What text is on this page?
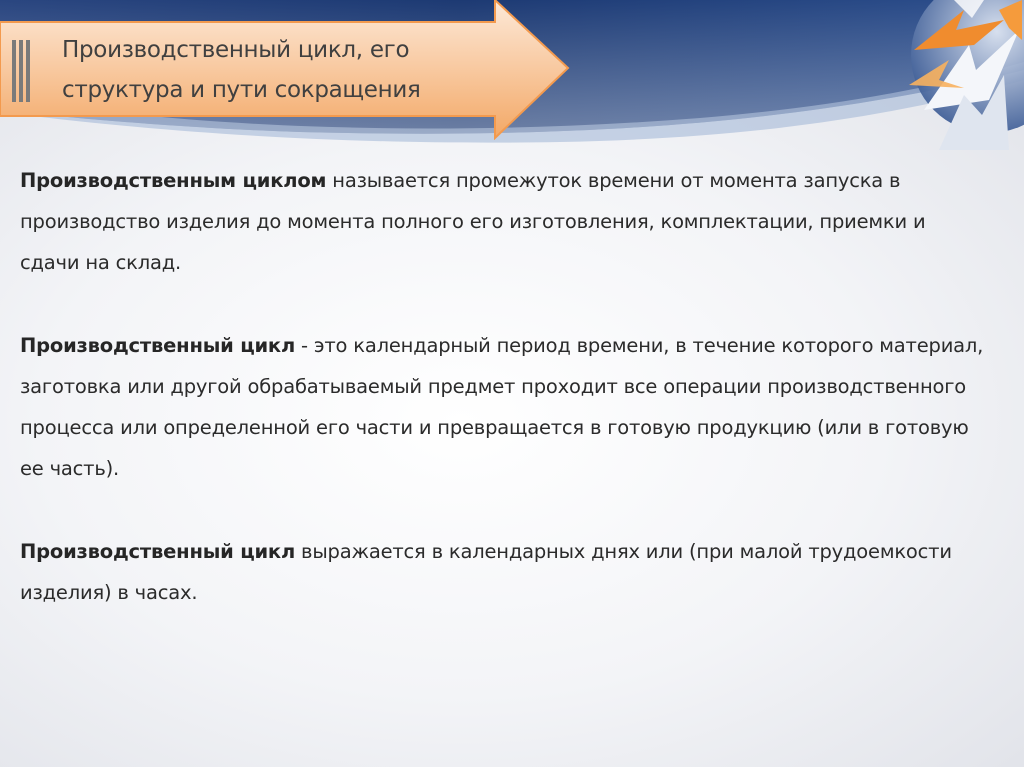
Производственный цикл, его
структура и пути сокращения

Производственным циклом называется промежуток времени от момента запуска в производство изделия до момента полного его изготовления, комплектации, приемки и сдачи на склад.

Производственный цикл - это календарный период времени, в течение которого материал, заготовка или другой обрабатываемый предмет проходит все операции производственного процесса или определенной его части и превращается в готовую продукцию (или в готовую ее часть).

Производственный цикл выражается в календарных днях или (при малой трудоемкости изделия) в часах.
